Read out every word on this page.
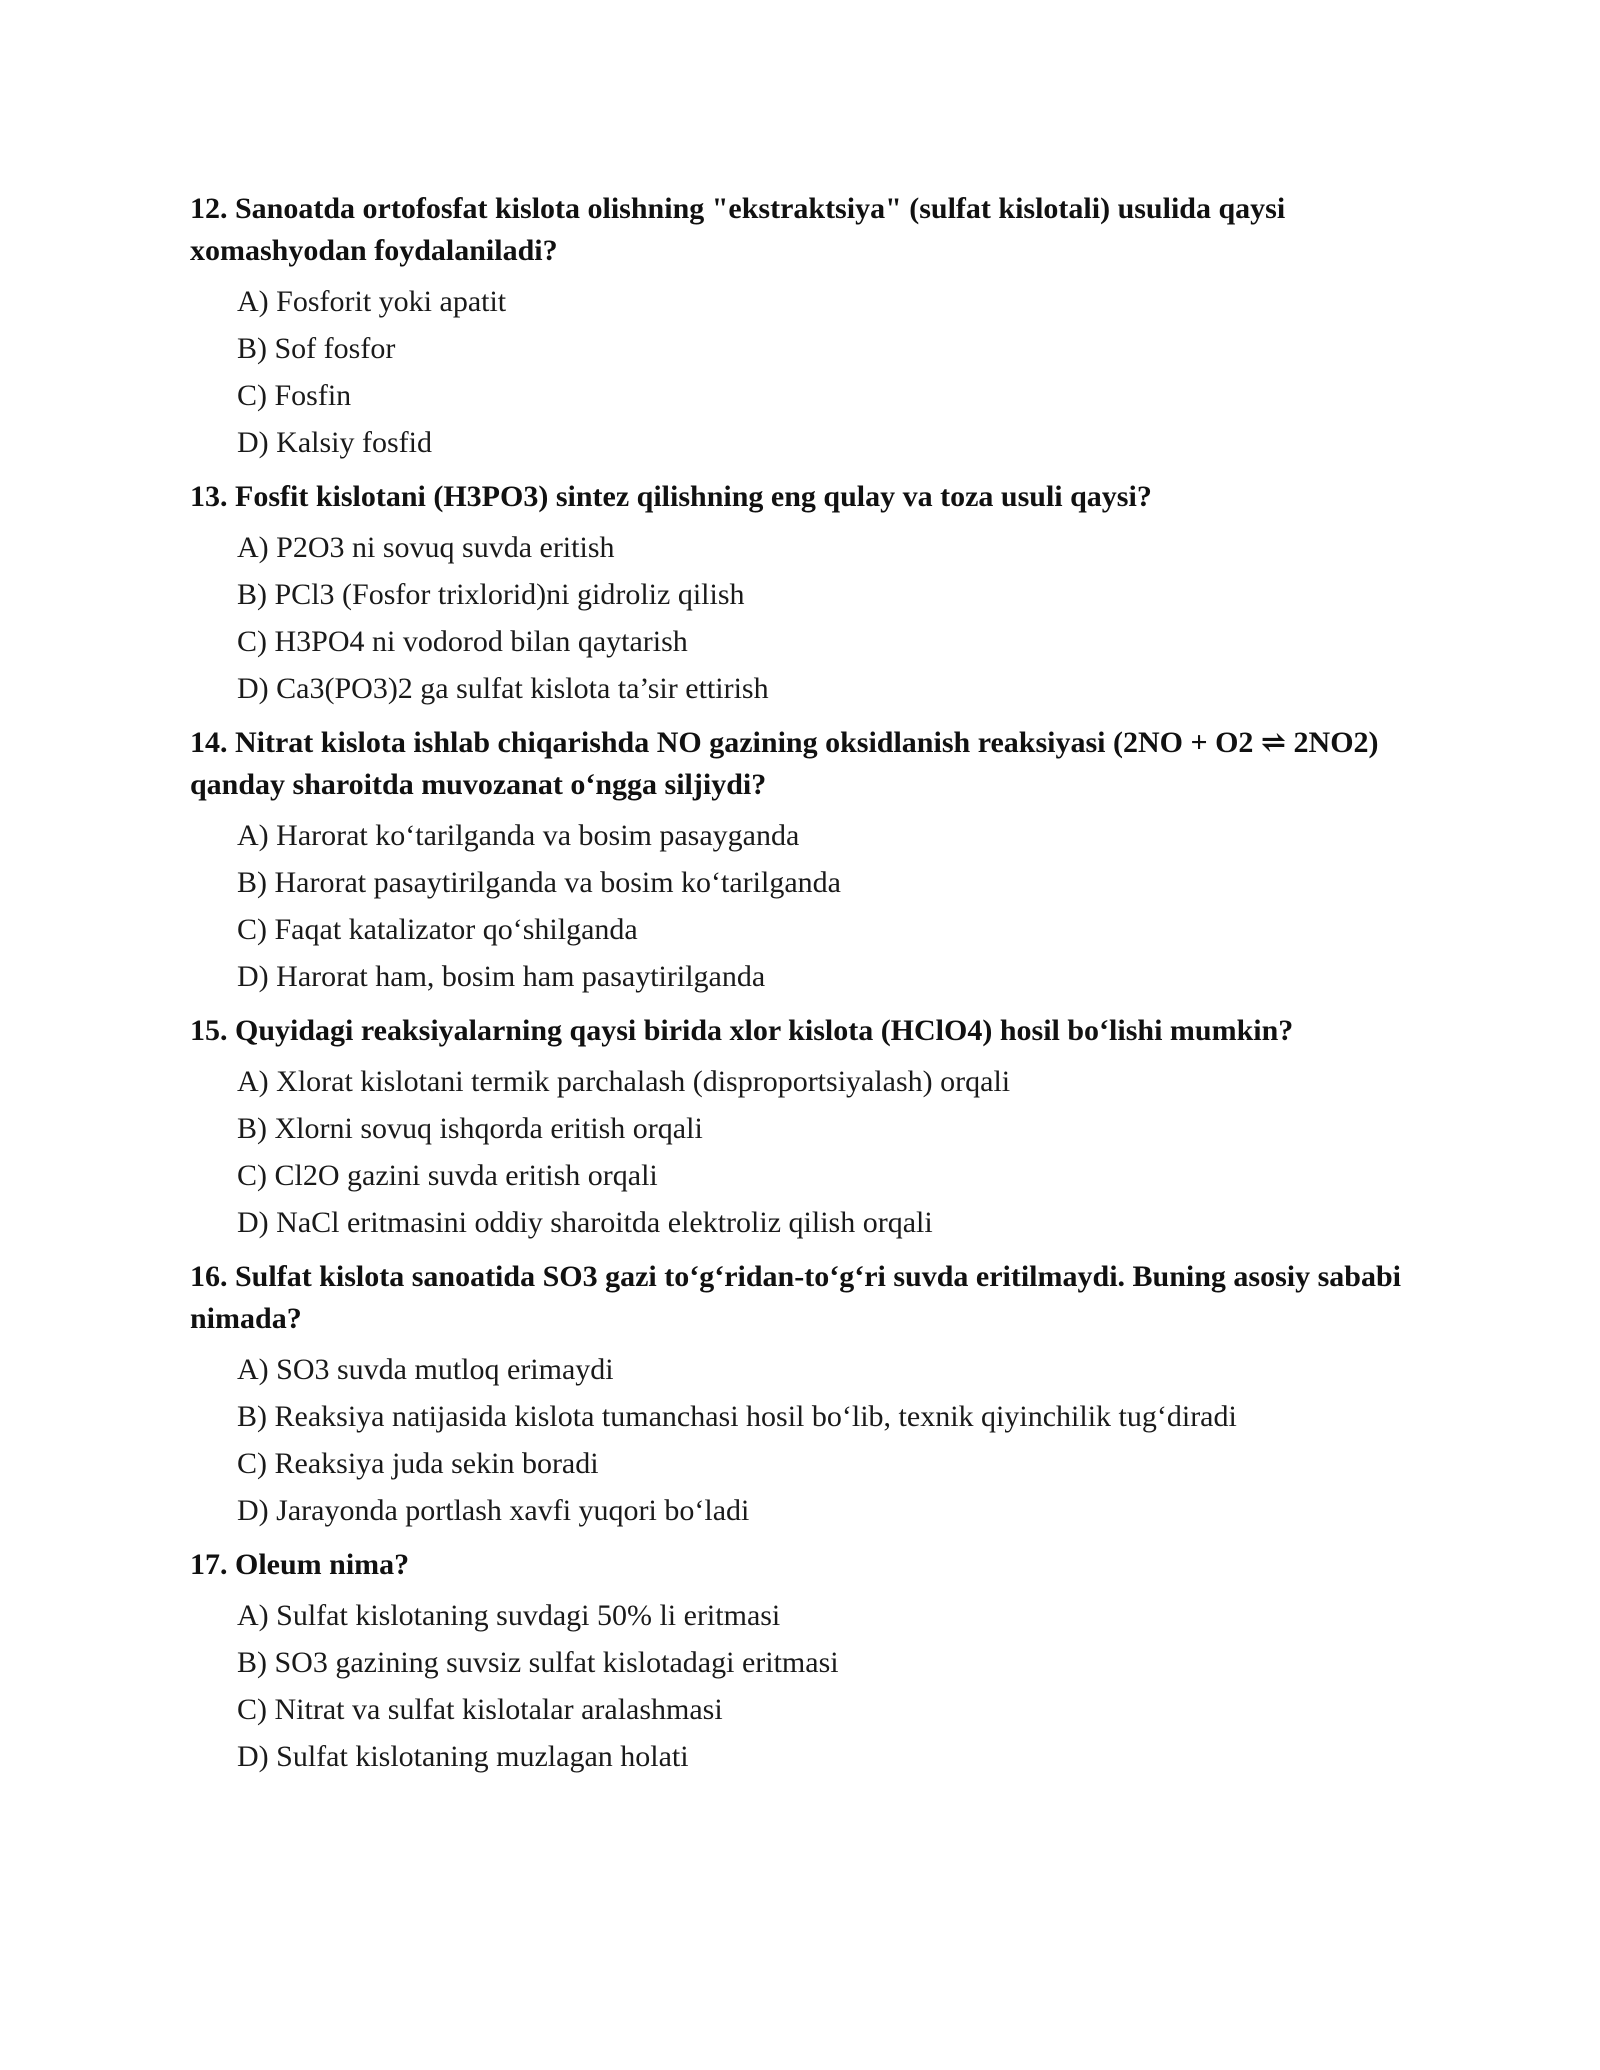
12. Sanoatda ortofosfat kislota olishning "ekstraktsiya" (sulfat kislotali) usulida qaysi xomashyodan foydalaniladi?

A) Fosforit yoki apatit
B) Sof fosfor
C) Fosfin
D) Kalsiy fosfid

13. Fosfit kislotani (H3PO3) sintez qilishning eng qulay va toza usuli qaysi?

A) P2O3 ni sovuq suvda eritish
B) PCl3 (Fosfor trixlorid)ni gidroliz qilish
C) H3PO4 ni vodorod bilan qaytarish
D) Ca3(PO3)2 ga sulfat kislota ta’sir ettirish

14. Nitrat kislota ishlab chiqarishda NO gazining oksidlanish reaksiyasi (2NO + O2 ⇌ 2NO2) qanday sharoitda muvozanat o‘ngga siljiydi?

A) Harorat ko‘tarilganda va bosim pasayganda
B) Harorat pasaytirilganda va bosim ko‘tarilganda
C) Faqat katalizator qo‘shilganda
D) Harorat ham, bosim ham pasaytirilganda

15. Quyidagi reaksiyalarning qaysi birida xlor kislota (HClO4) hosil bo‘lishi mumkin?

A) Xlorat kislotani termik parchalash (disproportsiyalash) orqali
B) Xlorni sovuq ishqorda eritish orqali
C) Cl2O gazini suvda eritish orqali
D) NaCl eritmasini oddiy sharoitda elektroliz qilish orqali

16. Sulfat kislota sanoatida SO3 gazi to‘g‘ridan-to‘g‘ri suvda eritilmaydi. Buning asosiy sababi nimada?

A) SO3 suvda mutloq erimaydi
B) Reaksiya natijasida kislota tumanchasi hosil bo‘lib, texnik qiyinchilik tug‘diradi
C) Reaksiya juda sekin boradi
D) Jarayonda portlash xavfi yuqori bo‘ladi

17. Oleum nima?

A) Sulfat kislotaning suvdagi 50% li eritmasi
B) SO3 gazining suvsiz sulfat kislotadagi eritmasi
C) Nitrat va sulfat kislotalar aralashmasi
D) Sulfat kislotaning muzlagan holati
